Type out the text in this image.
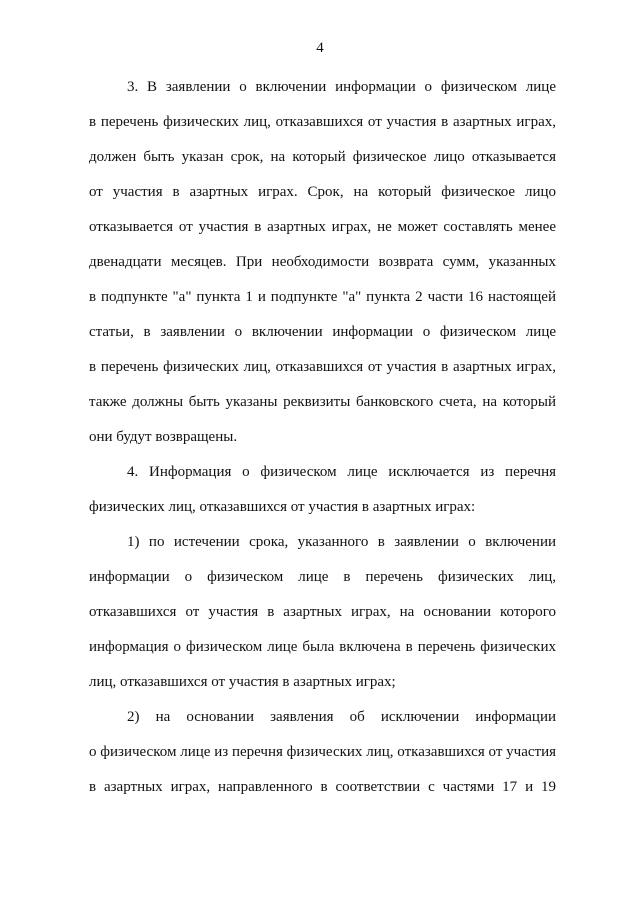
4
3. В заявлении о включении информации о физическом лице
в перечень физических лиц, отказавшихся от участия в азартных играх,
должен быть указан срок, на который физическое лицо отказывается
от участия в азартных играх. Срок, на который физическое лицо
отказывается от участия в азартных играх, не может составлять менее
двенадцати месяцев. При необходимости возврата сумм, указанных
в подпункте "а" пункта 1 и подпункте "а" пункта 2 части 16 настоящей
статьи, в заявлении о включении информации о физическом лице
в перечень физических лиц, отказавшихся от участия в азартных играх,
также должны быть указаны реквизиты банковского счета, на который
они будут возвращены.
4. Информация о физическом лице исключается из перечня
физических лиц, отказавшихся от участия в азартных играх:
1) по истечении срока, указанного в заявлении о включении
информации о физическом лице в перечень физических лиц,
отказавшихся от участия в азартных играх, на основании которого
информация о физическом лице была включена в перечень физических
лиц, отказавшихся от участия в азартных играх;
2) на основании заявления об исключении информации
о физическом лице из перечня физических лиц, отказавшихся от участия
в азартных играх, направленного в соответствии с частями 17 и 19
